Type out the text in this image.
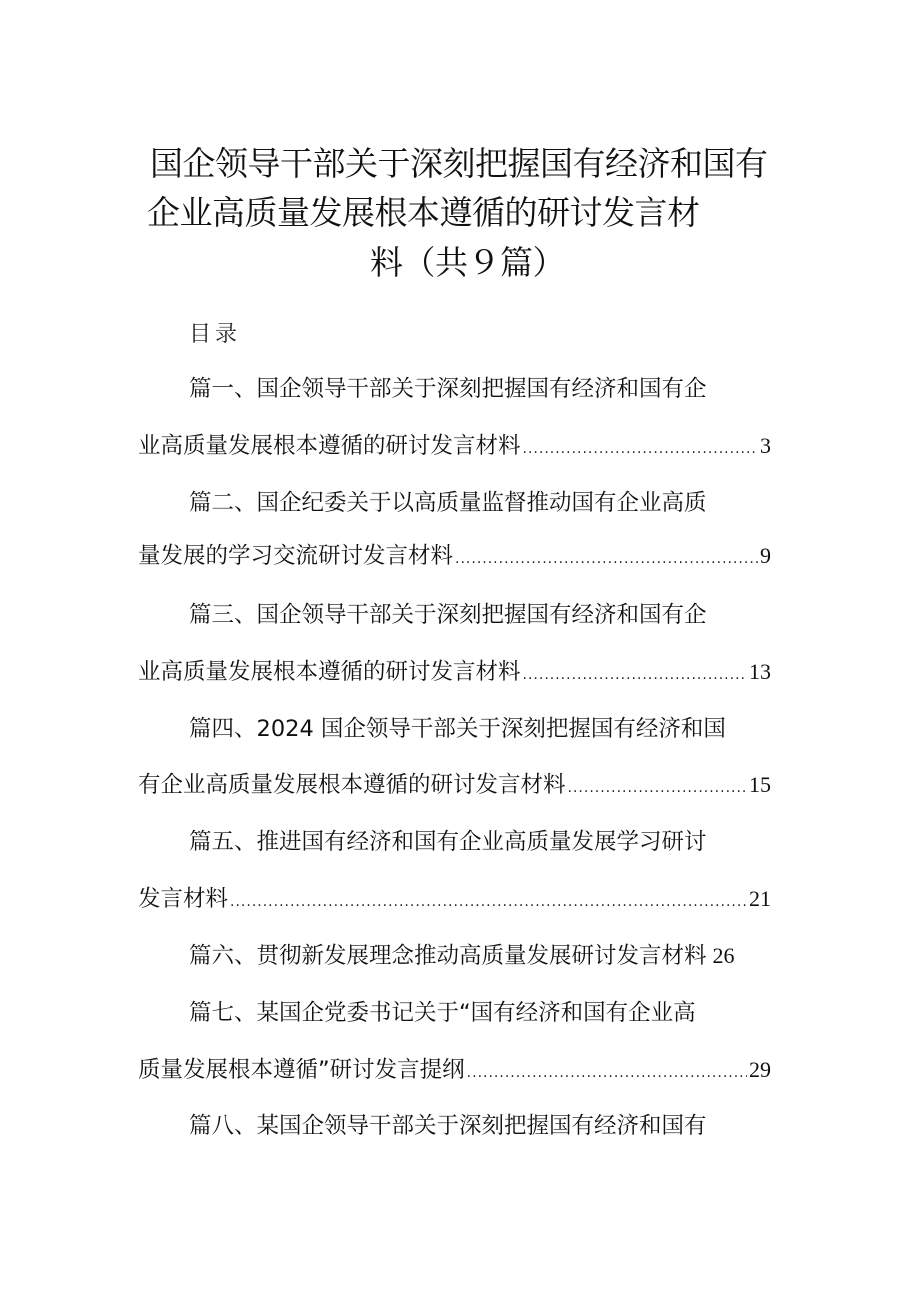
国企领导干部关于深刻把握国有经济和国有
企业高质量发展根本遵循的研讨发言材
料（共９篇）
目录
篇一、国企领导干部关于深刻把握国有经济和国有企
业高质量发展根本遵循的研讨发言材料 .....	3
篇二、国企纪委关于以高质量监督推动国有企业高质
量发展的学习交流研讨发言材料 .....	9
篇三、国企领导干部关于深刻把握国有经济和国有企
业高质量发展根本遵循的研讨发言材料 .....	13
篇四、2024 国企领导干部关于深刻把握国有经济和国
有企业高质量发展根本遵循的研讨发言材料 .....	15
篇五、推进国有经济和国有企业高质量发展学习研讨
发言材料 .....	21
篇六、贯彻新发展理念推动高质量发展研讨发言材料 26
篇七、某国企党委书记关于“国有经济和国有企业高
质量发展根本遵循”研讨发言提纲 .....	29
篇八、某国企领导干部关于深刻把握国有经济和国有
